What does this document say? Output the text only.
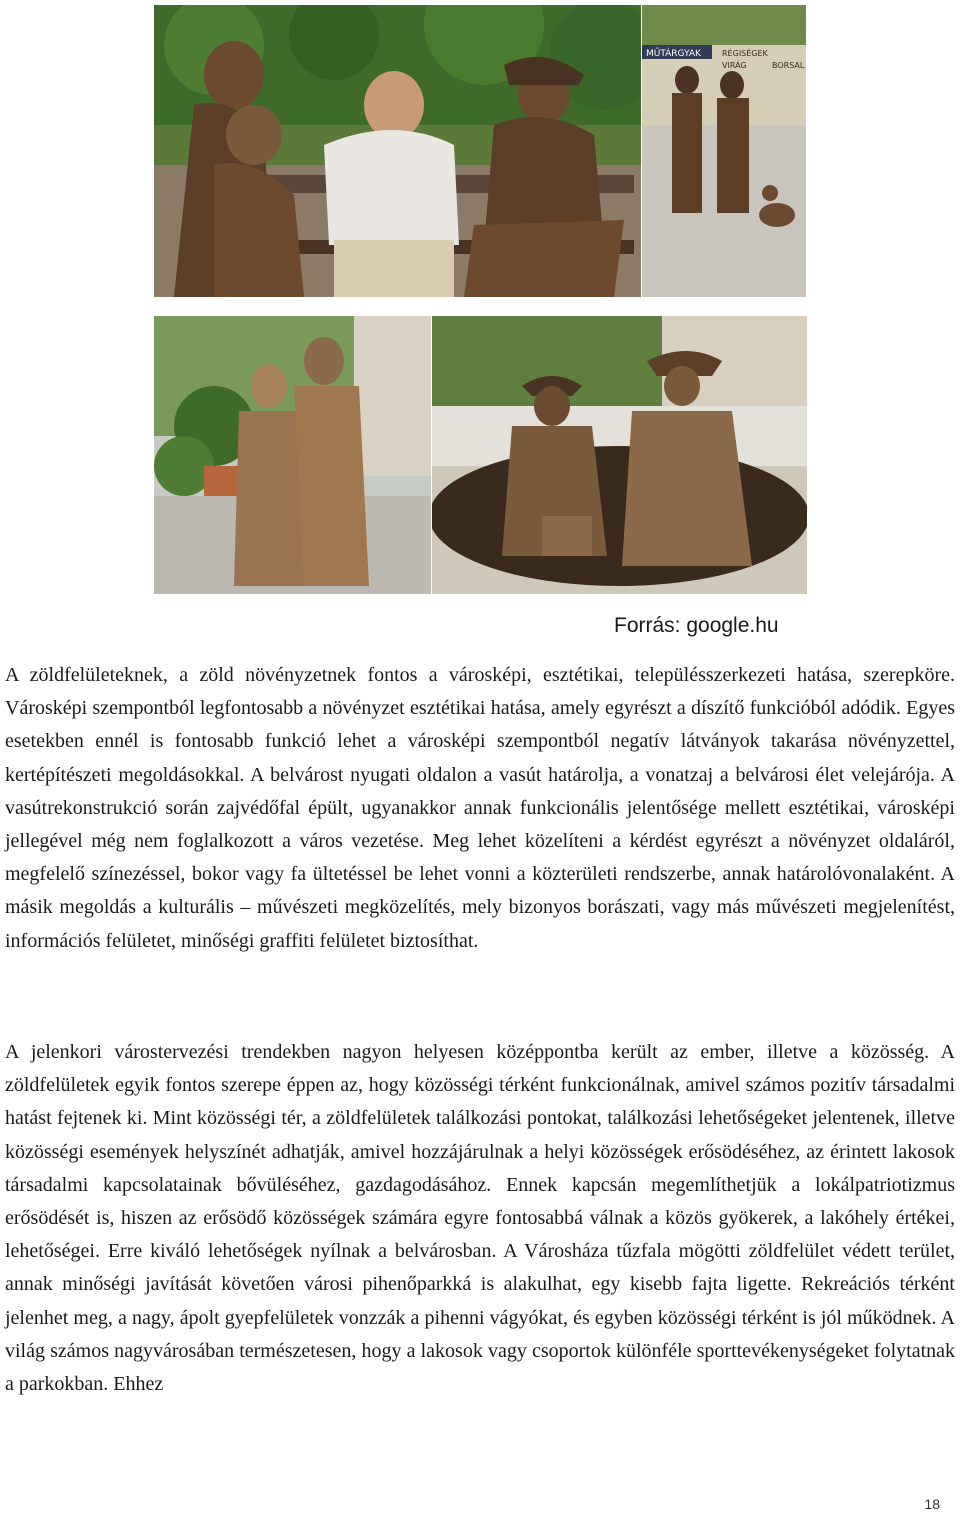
MŰTÁRGYAK	RÉGISÉGEK
VIRÁG	BORSAL
Forrás: google.hu

A zöldfelületeknek, a zöld növényzetnek fontos a városképi, esztétikai, településszerkezeti hatása, szerepköre. Városképi szempontból legfontosabb a növényzet esztétikai hatása, amely egyrészt a díszítő funkcióból adódik. Egyes esetekben ennél is fontosabb funkció lehet a városképi szempontból negatív látványok takarása növényzettel, kertépítészeti megoldásokkal. A belvárost nyugati oldalon a vasút határolja, a vonatzaj a belvárosi élet velejárója. A vasútrekonstrukció során zajvédőfal épült, ugyanakkor annak funkcionális jelentősége mellett esztétikai, városképi jellegével még nem foglalkozott a város vezetése. Meg lehet közelíteni a kérdést egyrészt a növényzet oldaláról, megfelelő színezéssel, bokor vagy fa ültetéssel be lehet vonni a közterületi rendszerbe, annak határolóvonalaként. A másik megoldás a kulturális – művészeti megközelítés, mely bizonyos borászati, vagy más művészeti megjelenítést, információs felületet, minőségi graffiti felületet biztosíthat.

A jelenkori várostervezési trendekben nagyon helyesen középpontba került az ember, illetve a közösség. A zöldfelületek egyik fontos szerepe éppen az, hogy közösségi térként funkcionálnak, amivel számos pozitív társadalmi hatást fejtenek ki. Mint közösségi tér, a zöldfelületek találkozási pontokat, találkozási lehetőségeket jelentenek, illetve közösségi események helyszínét adhatják, amivel hozzájárulnak a helyi közösségek erősödéséhez, az érintett lakosok társadalmi kapcsolatainak bővüléséhez, gazdagodásához. Ennek kapcsán megemlíthetjük a lokálpatriotizmus erősödését is, hiszen az erősödő közösségek számára egyre fontosabbá válnak a közös gyökerek, a lakóhely értékei, lehetőségei. Erre kiváló lehetőségek nyílnak a belvárosban. A Városháza tűzfala mögötti zöldfelület védett terület, annak minőségi javítását követően városi pihenőparkká is alakulhat, egy kisebb fajta ligette. Rekreációs térként jelenhet meg, a nagy, ápolt gyepfelületek vonzzák a pihenni vágyókat, és egyben közösségi térként is jól működnek. A világ számos nagyvárosában természetesen, hogy a lakosok vagy csoportok különféle sporttevékenységeket folytatnak a parkokban. Ehhez

18
